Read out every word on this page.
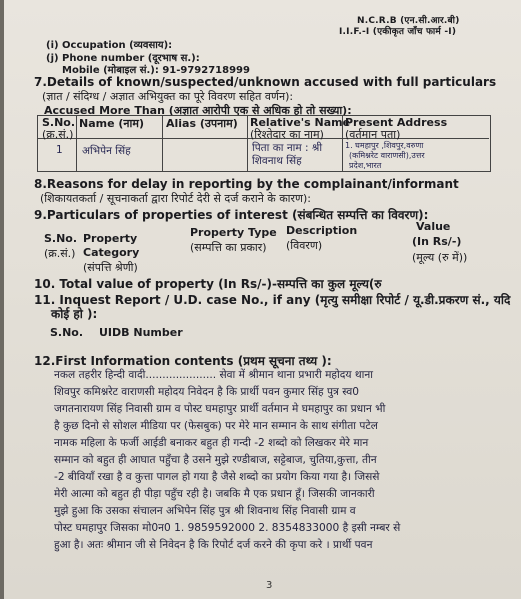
N.C.R.B (एन.सी.आर.बी)
I.I.F.-I (एकीकृत जाँच फार्म -I)
(i) Occupation (व्यवसाय):
(j) Phone number (दूरभाष स.):
Mobile (मोबाइल सं.): 91-9792718999
7.Details of known/suspected/unknown accused with full particulars
(ज्ञात / संदिग्ध / अज्ञात अभियुक्त का पूरे विवरण सहित वर्णन):
Accused More Than (अज्ञात आरोपी एक से अधिक हो तो सख्या):
S.No.
(क्र.सं.)
Name (नाम) Alias (उपनाम) Relative's Name
(रिश्तेदार का नाम)
Present Address
(वर्तमान पता)
1 अभिपेन सिंह	पिता का नाम : श्री
शिवनाथ सिंह
1. घमहापुर ,शिवपुर,वरुणा
(कमिश्नरेट वाराणसी),उत्तर
प्रदेश,भारत
8.Reasons for delay in reporting by the complainant/informant
(शिकायतकर्ता / सूचनाकर्ता द्वारा रिपोर्ट देरी से दर्ज कराने के कारण):
9.Particulars of properties of interest (संबन्धित सम्पत्ति का विवरण):
S.No.
(क्र.सं.)
Property
Category
(संपत्ति श्रेणी)
Property Type
(सम्पत्ति का प्रकार)
Description
(विवरण)
Value
(In Rs/-)
(मूल्य (रु में))
10. Total value of property (In Rs/-)-सम्पत्ति का कुल मूल्य(रु
11. Inquest Report / U.D. case No., if any (मृत्यु समीक्षा रिपोर्ट / यू.डी.प्रकरण सं., यदि
कोई हो ):
S.No. UIDB Number
12.First Information contents (प्रथम सूचना तथ्य ):
नकल तहरीर हिन्दी वादी..................... सेवा में श्रीमान थाना प्रभारी महोदय थाना
शिवपुर कमिश्नरेट वाराणसी महोदय निवेदन है कि प्रार्थी पवन कुमार सिंह पुत्र स्व0
जगतनारायण सिंह निवासी ग्राम व पोस्ट घमहापुर प्रार्थी वर्तमान मे घमहापुर का प्रधान भी
है कुछ दिनो से सोशल मीडिया पर (फेसबुक) पर मेरे मान सम्मान के साथ संगीता पटेल
नामक महिला के फर्जी आईडी बनाकर बहुत ही गन्दी -2 शब्दो को लिखकर मेरे मान
सम्मान को बहुत ही आघात पहुँचा है उसने मुझे रण्डीबाज, सट्टेबाज, चुतिया,कुत्ता, तीन
-2 बीवियाँ रखा है व कुत्ता पागल हो गया है जैसे शब्दो का प्रयोग किया गया है। जिससे
मेरी आत्मा को बहुत ही पीड़ा पहुँच रही है। जबकि मै एक प्रधान हूँ। जिसकी जानकारी
मुझे हुआ कि उसका संचालन अभिपेन सिंह पुत्र श्री शिवनाथ सिंह निवासी ग्राम व
पोस्ट घमहापुर जिसका मो0न0 1. 9859592000 2. 8354833000 है इसी नम्बर से
हुआ है। अतः श्रीमान जी से निवेदन है कि रिपोर्ट दर्ज करने की कृपा करे । प्रार्थी पवन
3
